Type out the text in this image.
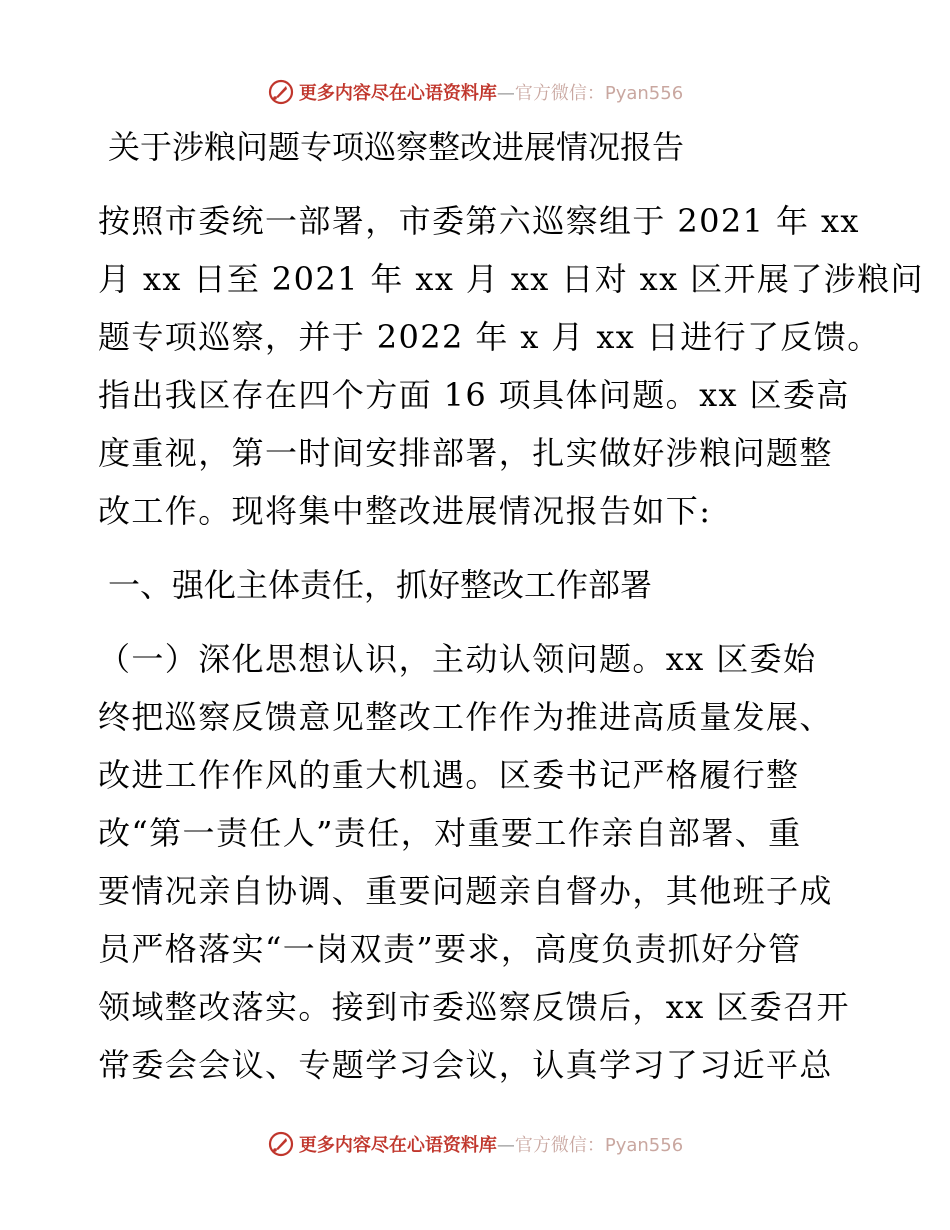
更多内容尽在心语资料库—官方微信：Pyan556
关于涉粮问题专项巡察整改进展情况报告

按照市委统一部署，市委第六巡察组于 2021 年 xx

月 xx 日至 2021 年 xx 月 xx 日对 xx 区开展了涉粮问

题专项巡察，并于 2022 年 x 月 xx 日进行了反馈。

指出我区存在四个方面 16 项具体问题。xx 区委高

度重视，第一时间安排部署，扎实做好涉粮问题整

改工作。现将集中整改进展情况报告如下:

一、强化主体责任，抓好整改工作部署

（一）深化思想认识，主动认领问题。xx 区委始

终把巡察反馈意见整改工作作为推进高质量发展、

改进工作作风的重大机遇。区委书记严格履行整

改“第一责任人”责任，对重要工作亲自部署、重

要情况亲自协调、重要问题亲自督办，其他班子成

员严格落实“一岗双责”要求，高度负责抓好分管

领域整改落实。接到市委巡察反馈后，xx 区委召开

常委会会议、专题学习会议，认真学习了习近平总

更多内容尽在心语资料库—官方微信：Pyan556
